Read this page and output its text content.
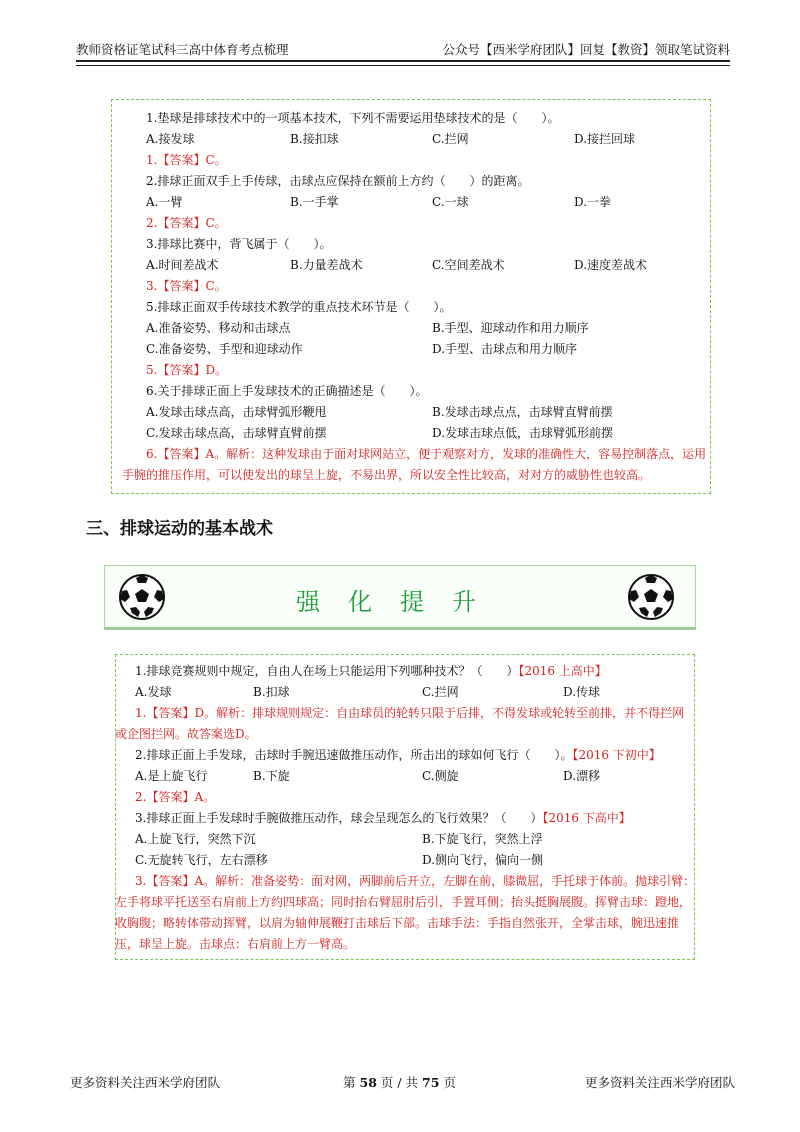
教师资格证笔试科三高中体育考点梳理	公众号【西米学府团队】回复【教资】领取笔试资料
1.垫球是排球技术中的一项基本技术，下列不需要运用垫球技术的是（　　）。
A.接发球	B.接扣球	C.拦网	D.接拦回球
1.【答案】C。
2.排球正面双手上手传球，击球点应保持在额前上方约（　　）的距离。
A.一臂	B.一手掌	C.一球	D.一拳
2.【答案】C。
3.排球比赛中，背飞属于（　　）。
A.时间差战术	B.力量差战术	C.空间差战术	D.速度差战术
3.【答案】C。
5.排球正面双手传球技术教学的重点技术环节是（　　）。
A.准备姿势、移动和击球点	B.手型、迎球动作和用力顺序
C.准备姿势、手型和迎球动作	D.手型、击球点和用力顺序
5.【答案】D。
6.关于排球正面上手发球技术的正确描述是（　　）。
A.发球击球点高，击球臂弧形鞭甩	B.发球击球点点，击球臂直臂前摆
C.发球击球点高，击球臂直臂前摆	D.发球击球点低，击球臂弧形前摆
6.【答案】A。解析：这种发球由于面对球网站立，便于观察对方，发球的准确性大，容易控制落点，运用
手腕的推压作用，可以使发出的球呈上旋，不易出界，所以安全性比较高，对对方的威胁性也较高。
三、排球运动的基本战术
强化提升
1.排球竞赛规则中规定，自由人在场上只能运用下列哪种技术？（　　）【2016 上高中】
A.发球	B.扣球	C.拦网	D.传球
1.【答案】D。解析：排球规则规定：自由球员的轮转只限于后排，不得发球或轮转至前排，并不得拦网
或企图拦网。故答案选D。
2.排球正面上手发球，击球时手腕迅速做推压动作，所击出的球如何飞行（　　）。【2016 下初中】
A.是上旋飞行	B.下旋	C.侧旋	D.漂移
2.【答案】A。
3.排球正面上手发球时手腕做推压动作，球会呈现怎么的飞行效果？（　　）【2016 下高中】
A.上旋飞行，突然下沉	B.下旋飞行，突然上浮
C.无旋转飞行，左右漂移	D.侧向飞行，偏向一侧
3.【答案】A。解析：准备姿势：面对网，两脚前后开立，左脚在前，膝微屈，手托球于体前。抛球引臂：
左手将球平托送至右肩前上方约四球高；同时抬右臂屈肘后引，手置耳侧；抬头挺胸展腹。挥臂击球：蹬地，
收胸腹；略转体带动挥臂，以肩为轴伸展鞭打击球后下部。击球手法：手指自然张开，全掌击球，腕迅速推
压，球呈上旋。击球点：右肩前上方一臂高。
更多资料关注西米学府团队	第 58 页 / 共 75 页	更多资料关注西米学府团队
